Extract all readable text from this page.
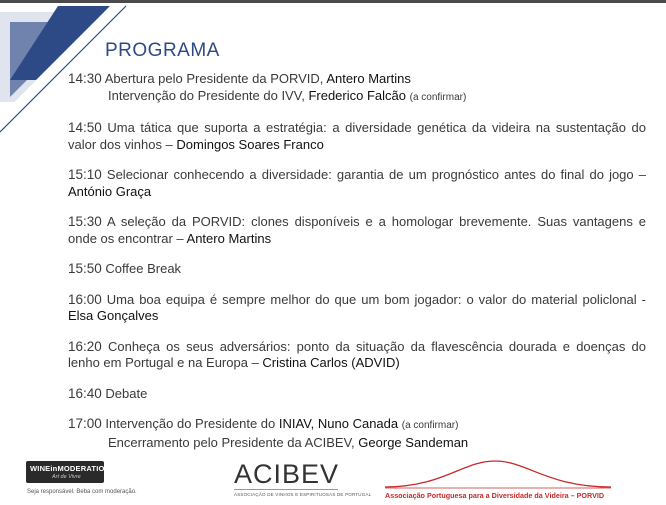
PROGRAMA
14:30 Abertura pelo Presidente da PORVID, Antero Martins
Intervenção do Presidente do IVV, Frederico Falcão (a confirmar)
14:50 Uma tática que suporta a estratégia: a diversidade genética da videira na sustentação do valor dos vinhos – Domingos Soares Franco
15:10 Selecionar conhecendo a diversidade: garantia de um prognóstico antes do final do jogo – António Graça
15:30 A seleção da PORVID: clones disponíveis e a homologar brevemente. Suas vantagens e onde os encontrar – Antero Martins
15:50 Coffee Break
16:00 Uma boa equipa é sempre melhor do que um bom jogador: o valor do material policlonal - Elsa Gonçalves
16:20 Conheça os seus adversários: ponto da situação da flavescência dourada e doenças do lenho em Portugal e na Europa – Cristina Carlos (ADVID)
16:40 Debate
17:00 Intervenção do Presidente do INIAV, Nuno Canada (a confirmar)
Encerramento pelo Presidente da ACIBEV, George Sandeman
WINEinMODERATION.eu
Art de Vivre
Seja responsável. Beba com moderação.
ACIBEV
ASSOCIAÇÃO DE VINHOS E ESPIRITUOSAS DE PORTUGAL Associação Portuguesa para a Diversidade da Videira – PORVID
